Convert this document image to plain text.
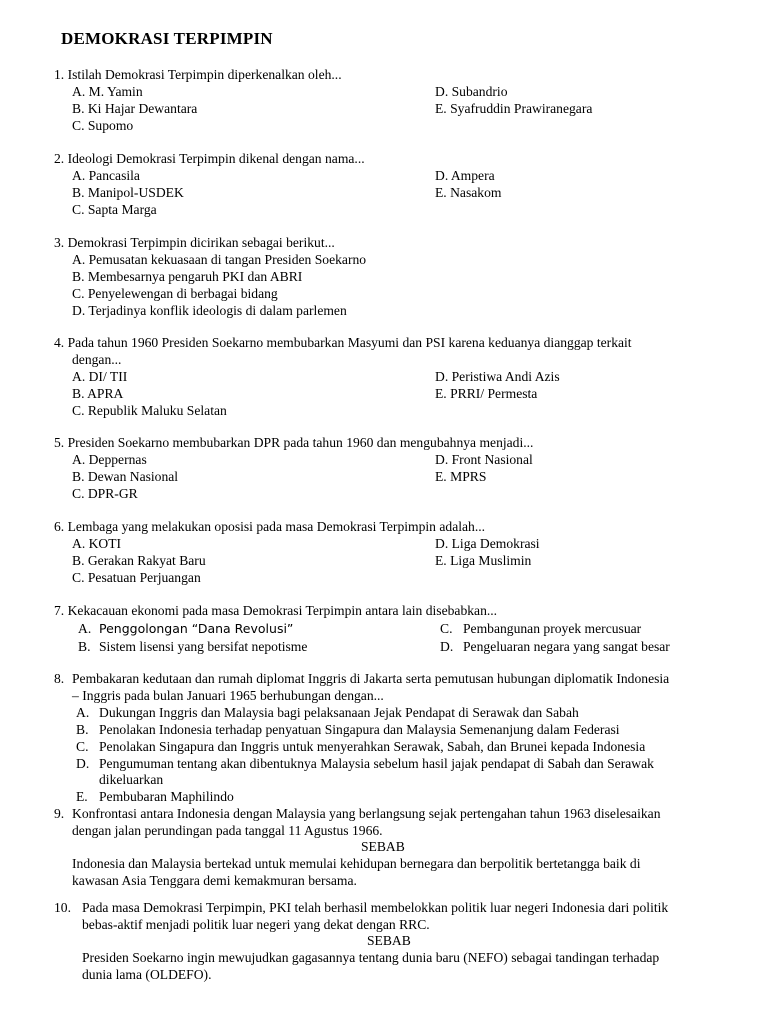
DEMOKRASI TERPIMPIN
1. Istilah Demokrasi Terpimpin diperkenalkan oleh...
A. M. Yamin
B. Ki Hajar Dewantara
C. Supomo
D. Subandrio
E. Syafruddin Prawiranegara
2. Ideologi Demokrasi Terpimpin dikenal dengan nama...
A. Pancasila
B. Manipol-USDEK
C. Sapta Marga
D. Ampera
E. Nasakom
3. Demokrasi Terpimpin dicirikan sebagai berikut...
A. Pemusatan kekuasaan di tangan Presiden Soekarno
B. Membesarnya pengaruh PKI dan ABRI
C. Penyelewengan di berbagai bidang
D. Terjadinya konflik ideologis di dalam parlemen
4. Pada tahun 1960 Presiden Soekarno membubarkan Masyumi dan PSI karena keduanya dianggap terkait
dengan...
A. DI/ TII
B. APRA
C. Republik Maluku Selatan
D. Peristiwa Andi Azis
E. PRRI/ Permesta
5. Presiden Soekarno membubarkan DPR pada tahun 1960 dan mengubahnya menjadi...
A. Deppernas
B. Dewan Nasional
C. DPR-GR
D. Front Nasional
E. MPRS
6. Lembaga yang melakukan oposisi pada masa Demokrasi Terpimpin adalah...
A. KOTI
B. Gerakan Rakyat Baru
C. Pesatuan Perjuangan
D. Liga Demokrasi
E. Liga Muslimin
7. Kekacauan ekonomi pada masa Demokrasi Terpimpin antara lain disebabkan...
A. Penggolongan “Dana Revolusi”
B. Sistem lisensi yang bersifat nepotisme
C. Pembangunan proyek mercusuar
D. Pengeluaran negara yang sangat besar
8. Pembakaran kedutaan dan rumah diplomat Inggris di Jakarta serta pemutusan hubungan diplomatik Indonesia
– Inggris pada bulan Januari 1965 berhubungan dengan...
A. Dukungan Inggris dan Malaysia bagi pelaksanaan Jejak Pendapat di Serawak dan Sabah
B. Penolakan Indonesia terhadap penyatuan Singapura dan Malaysia Semenanjung dalam Federasi
C. Penolakan Singapura dan Inggris untuk menyerahkan Serawak, Sabah, dan Brunei kepada Indonesia
D. Pengumuman tentang akan dibentuknya Malaysia sebelum hasil jajak pendapat di Sabah dan Serawak
dikeluarkan
E. Pembubaran Maphilindo
9. Konfrontasi antara Indonesia dengan Malaysia yang berlangsung sejak pertengahan tahun 1963 diselesaikan
dengan jalan perundingan pada tanggal 11 Agustus 1966.
SEBAB
Indonesia dan Malaysia bertekad untuk memulai kehidupan bernegara dan berpolitik bertetangga baik di
kawasan Asia Tenggara demi kemakmuran bersama.
10. Pada masa Demokrasi Terpimpin, PKI telah berhasil membelokkan politik luar negeri Indonesia dari politik
bebas-aktif menjadi politik luar negeri yang dekat dengan RRC.
SEBAB
Presiden Soekarno ingin mewujudkan gagasannya tentang dunia baru (NEFO) sebagai tandingan terhadap
dunia lama (OLDEFO).
